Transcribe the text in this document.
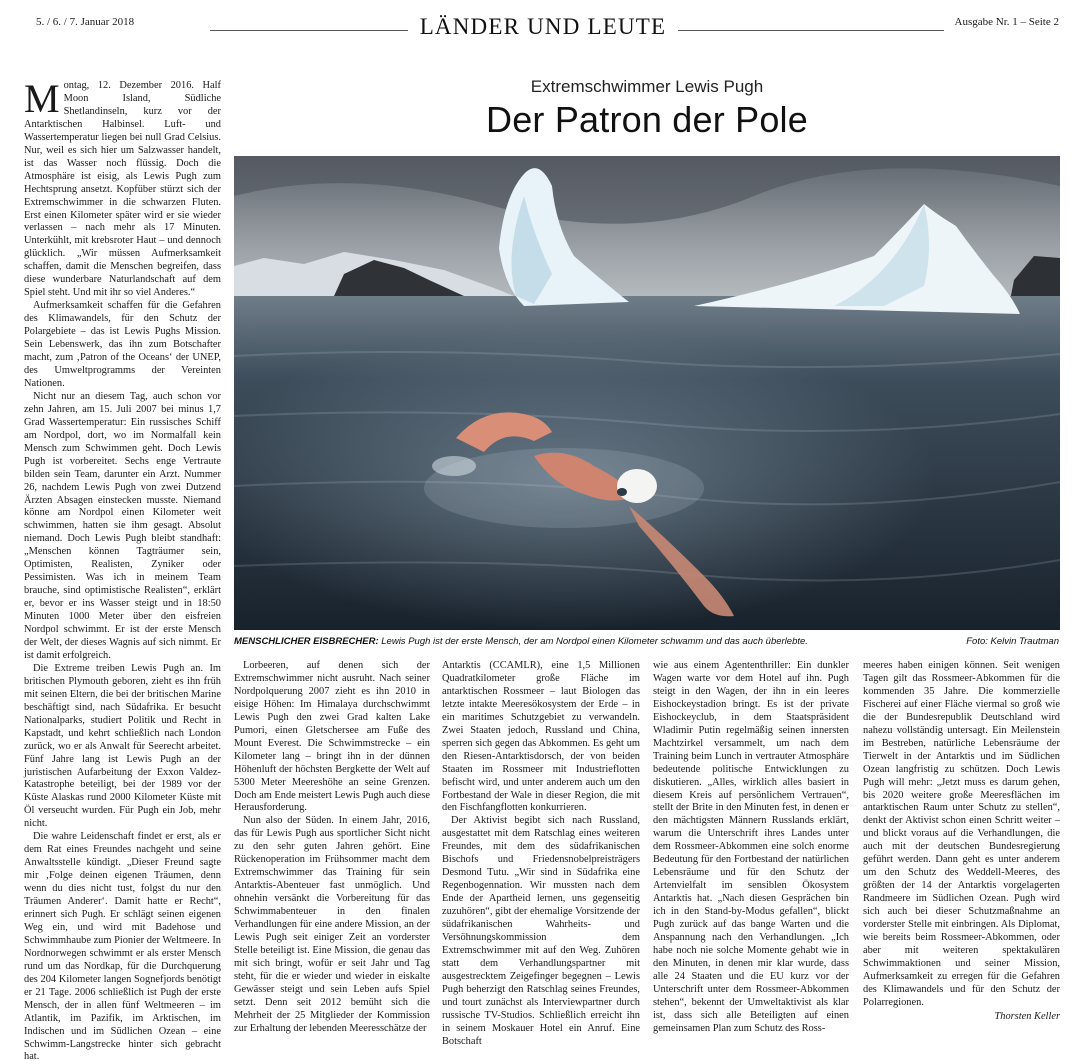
5. / 6. / 7. Januar 2018	LÄNDER UND LEUTE	Ausgabe Nr. 1 – Seite 2

Montag, 12. Dezember 2016. Half Moon Island, Südliche Shetlandinseln, kurz vor der Antarktischen Halbinsel. Luft- und Wassertemperatur liegen bei null Grad Celsius. Nur, weil es sich hier um Salzwasser handelt, ist das Wasser noch flüssig. Doch die Atmosphäre ist eisig, als Lewis Pugh zum Hechtsprung ansetzt. Kopfüber stürzt sich der Extremschwimmer in die schwarzen Fluten. Erst einen Kilometer später wird er sie wieder verlassen – nach mehr als 17 Minuten. Unterkühlt, mit krebsroter Haut – und dennoch glücklich. „Wir müssen Aufmerksamkeit schaffen, damit die Menschen begreifen, dass diese wunderbare Naturlandschaft auf dem Spiel steht. Und mit ihr so viel Anderes.“

Aufmerksamkeit schaffen für die Gefahren des Klimawandels, für den Schutz der Polargebiete – das ist Lewis Pughs Mission. Sein Lebenswerk, das ihn zum Botschafter macht, zum ‚Patron of the Oceans‘ der UNEP, des Umweltprogramms der Vereinten Nationen.

Nicht nur an diesem Tag, auch schon vor zehn Jahren, am 15. Juli 2007 bei minus 1,7 Grad Wassertemperatur: Ein russisches Schiff am Nordpol, dort, wo im Normalfall kein Mensch zum Schwimmen geht. Doch Lewis Pugh ist vorbereitet. Sechs enge Vertraute bilden sein Team, darunter ein Arzt. Nummer 26, nachdem Lewis Pugh von zwei Dutzend Ärzten Absagen einstecken musste. Niemand könne am Nordpol einen Kilometer weit schwimmen, hatten sie ihm gesagt. Absolut niemand. Doch Lewis Pugh bleibt standhaft: „Menschen können Tagträumer sein, Optimisten, Realisten, Zyniker oder Pessimisten. Was ich in meinem Team brauche, sind optimistische Realisten“, erklärt er, bevor er ins Wasser steigt und in 18:50 Minuten 1000 Meter über den eisfreien Nordpol schwimmt. Er ist der erste Mensch der Welt, der dieses Wagnis auf sich nimmt. Er ist damit erfolgreich.

Die Extreme treiben Lewis Pugh an. Im britischen Plymouth geboren, zieht es ihn früh mit seinen Eltern, die bei der britischen Marine beschäftigt sind, nach Südafrika. Er besucht Nationalparks, studiert Politik und Recht in Kapstadt, und kehrt schließlich nach London zurück, wo er als Anwalt für Seerecht arbeitet. Fünf Jahre lang ist Lewis Pugh an der juristischen Aufarbeitung der Exxon Valdez-Katastrophe beteiligt, bei der 1989 vor der Küste Alaskas rund 2000 Kilometer Küste mit Öl verseucht wurden. Für Pugh ein Job, mehr nicht.

Die wahre Leidenschaft findet er erst, als er dem Rat eines Freundes nachgeht und seine Anwaltsstelle kündigt. „Dieser Freund sagte mir ‚Folge deinen eigenen Träumen, denn wenn du dies nicht tust, folgst du nur den Träumen Anderer‘. Damit hatte er Recht“, erinnert sich Pugh. Er schlägt seinen eigenen Weg ein, und wird mit Badehose und Schwimmhaube zum Pionier der Weltmeere. In Nordnorwegen schwimmt er als erster Mensch rund um das Nordkap, für die Durchquerung des 204 Kilometer langen Sognefjords benötigt er 21 Tage. 2006 schließlich ist Pugh der erste Mensch, der in allen fünf Weltmeeren – im Atlantik, im Pazifik, im Arktischen, im Indischen und im Südlichen Ozean – eine Schwimm-Langstrecke hinter sich gebracht hat.

Extremschwimmer Lewis Pugh
Der Patron der Pole
MENSCHLICHER EISBRECHER: Lewis Pugh ist der erste Mensch, der am Nordpol einen Kilometer schwamm und das auch überlebte.	Foto: Kelvin Trautman

Lorbeeren, auf denen sich der Extremschwimmer nicht ausruht. Nach seiner Nordpolquerung 2007 zieht es ihn 2010 in eisige Höhen: Im Himalaya durchschwimmt Lewis Pugh den zwei Grad kalten Lake Pumori, einen Gletschersee am Fuße des Mount Everest. Die Schwimmstrecke – ein Kilometer lang – bringt ihn in der dünnen Höhenluft der höchsten Bergkette der Welt auf 5300 Meter Meereshöhe an seine Grenzen. Doch am Ende meistert Lewis Pugh auch diese Herausforderung.

Nun also der Süden. In einem Jahr, 2016, das für Lewis Pugh aus sportlicher Sicht nicht zu den sehr guten Jahren gehört. Eine Rückenoperation im Frühsommer macht dem Extremschwimmer das Training für sein Antarktis-Abenteuer fast unmöglich. Und ohnehin versänkt die Vorbereitung für das Schwimmabenteuer in den finalen Verhandlungen für eine andere Mission, an der Lewis Pugh seit einiger Zeit an vorderster Stelle beteiligt ist. Eine Mission, die genau das mit sich bringt, wofür er seit Jahr und Tag steht, für die er wieder und wieder in eiskalte Gewässer steigt und sein Leben aufs Spiel setzt. Denn seit 2012 bemüht sich die Mehrheit der 25 Mitglieder der Kommission zur Erhaltung der lebenden Meeresschätze der

Antarktis (CCAMLR), eine 1,5 Millionen Quadratkilometer große Fläche im antarktischen Rossmeer – laut Biologen das letzte intakte Meeresökosystem der Erde – in ein maritimes Schutzgebiet zu verwandeln. Zwei Staaten jedoch, Russland und China, sperren sich gegen das Abkommen. Es geht um den Riesen-Antarktisdorsch, der von beiden Staaten im Rossmeer mit Industrieflotten befischt wird, und unter anderem auch um den Fortbestand der Wale in dieser Region, die mit den Fischfangflotten konkurrieren.

Der Aktivist begibt sich nach Russland, ausgestattet mit dem Ratschlag eines weiteren Freundes, mit dem des südafrikanischen Bischofs und Friedensnobelpreisträgers Desmond Tutu. „Wir sind in Südafrika eine Regenbogennation. Wir mussten nach dem Ende der Apartheid lernen, uns gegenseitig zuzuhören“, gibt der ehemalige Vorsitzende der südafrikanischen Wahrheits- und Versöhnungskommission dem Extremschwimmer mit auf den Weg. Zuhören statt dem Verhandlungspartner mit ausgestrecktem Zeigefinger begegnen – Lewis Pugh beherzigt den Ratschlag seines Freundes, und tourt zunächst als Interviewpartner durch russische TV-Studios. Schließlich erreicht ihn in seinem Moskauer Hotel ein Anruf. Eine Botschaft

wie aus einem Agententhriller: Ein dunkler Wagen warte vor dem Hotel auf ihn. Pugh steigt in den Wagen, der ihn in ein leeres Eishockeystadion bringt. Es ist der private Eishockeyclub, in dem Staatspräsident Wladimir Putin regelmäßig seinen innersten Machtzirkel versammelt, um nach dem Training beim Lunch in vertrauter Atmosphäre bedeutende politische Entwicklungen zu diskutieren. „Alles, wirklich alles basiert in diesem Kreis auf persönlichem Vertrauen“, stellt der Brite in den Minuten fest, in denen er den mächtigsten Männern Russlands erklärt, warum die Unterschrift ihres Landes unter dem Rossmeer-Abkommen eine solch enorme Bedeutung für den Fortbestand der natürlichen Lebensräume und für den Schutz der Artenvielfalt im sensiblen Ökosystem Antarktis hat. „Nach diesen Gesprächen bin ich in den Stand-by-Modus gefallen“, blickt Pugh zurück auf das bange Warten und die Anspannung nach den Verhandlungen. „Ich habe noch nie solche Momente gehabt wie in den Minuten, in denen mir klar wurde, dass alle 24 Staaten und die EU kurz vor der Unterschrift unter dem Rossmeer-Abkommen stehen“, bekennt der Umweltaktivist als klar ist, dass sich alle Beteiligten auf einen gemeinsamen Plan zum Schutz des Ross-

meeres haben einigen können. Seit wenigen Tagen gilt das Rossmeer-Abkommen für die kommenden 35 Jahre. Die kommerzielle Fischerei auf einer Fläche viermal so groß wie die der Bundesrepublik Deutschland wird nahezu vollständig untersagt. Ein Meilenstein im Bestreben, natürliche Lebensräume der Tierwelt in der Antarktis und im Südlichen Ozean langfristig zu schützen. Doch Lewis Pugh will mehr: „Jetzt muss es darum gehen, bis 2020 weitere große Meeresflächen im antarktischen Raum unter Schutz zu stellen“, denkt der Aktivist schon einen Schritt weiter – und blickt voraus auf die Verhandlungen, die auch mit der deutschen Bundesregierung geführt werden. Dann geht es unter anderem um den Schutz des Weddell-Meeres, des größten der 14 der Antarktis vorgelagerten Randmeere im Südlichen Ozean. Pugh wird sich auch bei dieser Schutzmaßnahme an vorderster Stelle mit einbringen. Als Diplomat, wie bereits beim Rossmeer-Abkommen, oder aber mit weiteren spektakulären Schwimmaktionen und seiner Mission, Aufmerksamkeit zu erregen für die Gefahren des Klimawandels und für den Schutz der Polarregionen.

Thorsten Keller
